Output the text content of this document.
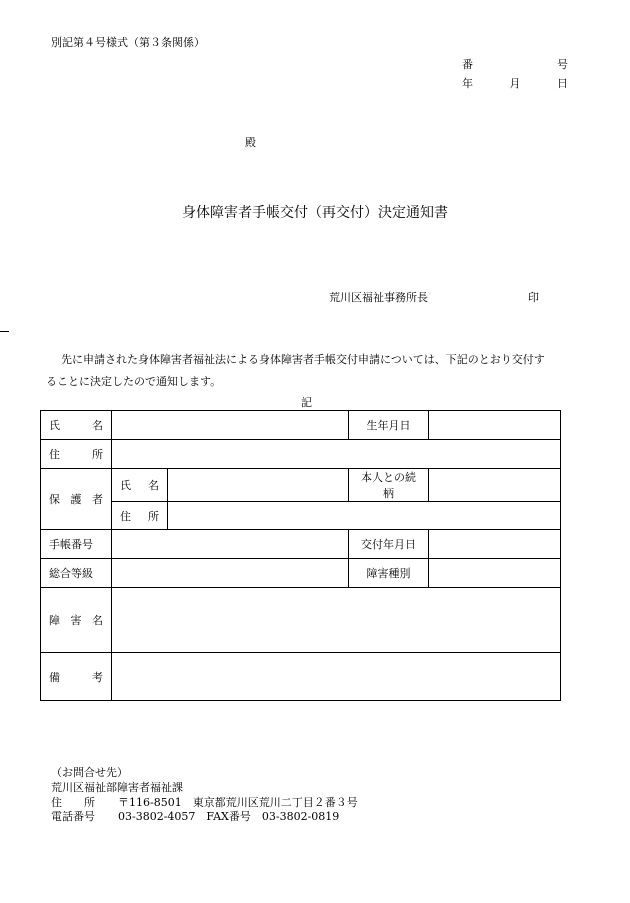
別記第４号様式（第３条関係）
番	号
年	月	日
殿
身体障害者手帳交付（再交付）決定通知書
荒川区福祉事務所長	印
先に申請された身体障害者福祉法による身体障害者手帳交付申請については、下記のとおり交付す
ることに決定したので通知します。
記
氏 名			生年月日	

住 所				

保 護 者	氏 名		本人との続柄	

	住 所			

手帳番号			交付年月日	
総合等級			障害種別	

障 害 名				

備 考				

（お問合せ先）
荒川区福祉部障害者福祉課
住　　所 〒116-8501　東京都荒川区荒川二丁目２番３号
電話番号 03-3802-4057　FAX番号　03-3802-0819
